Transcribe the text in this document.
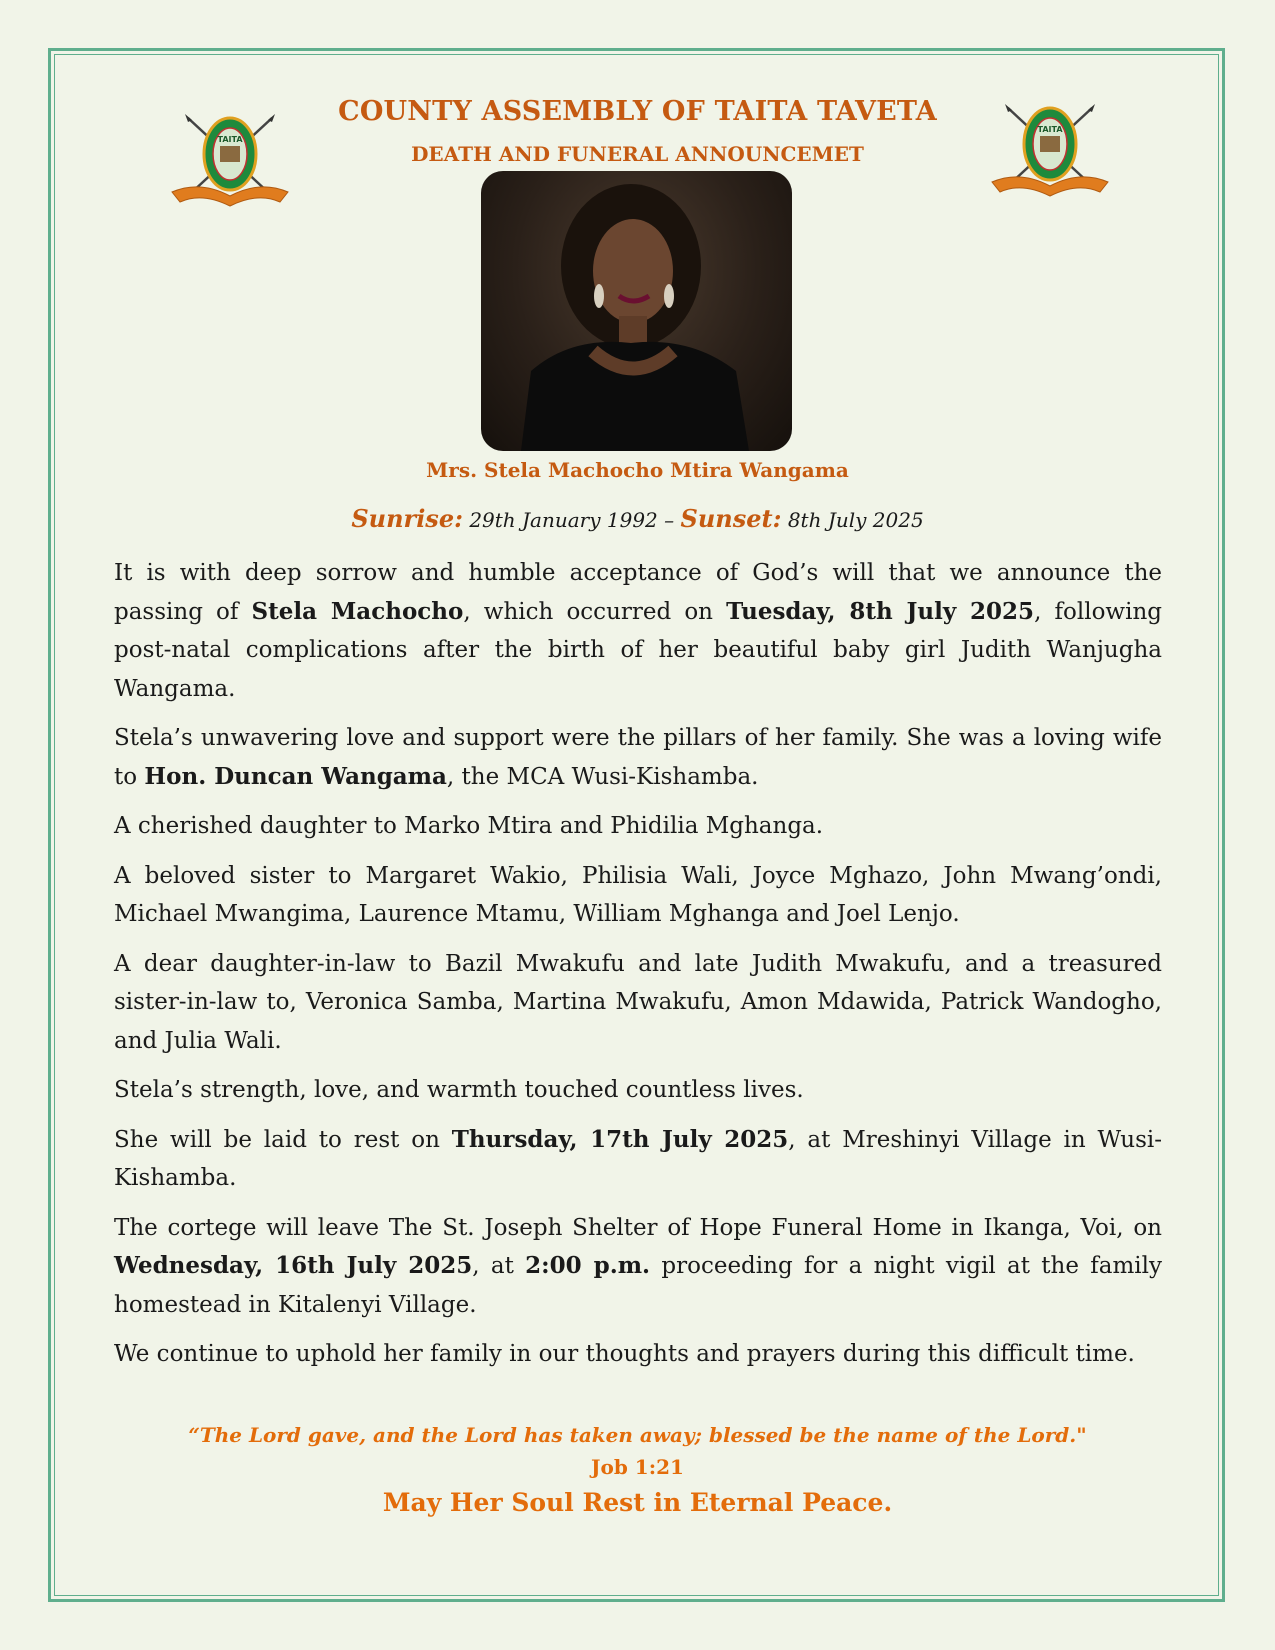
TAITA
TAITA
COUNTY ASSEMBLY OF TAITA TAVETA
DEATH AND FUNERAL ANNOUNCEMET
Mrs. Stela Machocho Mtira Wangama
Sunrise: 29th January 1992 – Sunset: 8th July 2025

It is with deep sorrow and humble acceptance of God’s will that we announce the passing of Stela Machocho, which occurred on Tuesday, 8th July 2025, following post-natal complications after the birth of her beautiful baby girl Judith Wanjugha Wangama.

Stela’s unwavering love and support were the pillars of her family. She was a loving wife to Hon. Duncan Wangama, the MCA Wusi-Kishamba.

A cherished daughter to Marko Mtira and Phidilia Mghanga.

A beloved sister to Margaret Wakio, Philisia Wali, Joyce Mghazo, John Mwang’ondi, Michael Mwangima, Laurence Mtamu, William Mghanga and Joel Lenjo.

A dear daughter-in-law to Bazil Mwakufu and late Judith Mwakufu, and a treasured sister-in-law to, Veronica Samba, Martina Mwakufu, Amon Mdawida, Patrick Wandogho, and Julia Wali.

Stela’s strength, love, and warmth touched countless lives.

She will be laid to rest on Thursday, 17th July 2025, at Mreshinyi Village in Wusi-Kishamba.

The cortege will leave The St. Joseph Shelter of Hope Funeral Home in Ikanga, Voi, on Wednesday, 16th July 2025, at 2:00 p.m. proceeding for a night vigil at the family homestead in Kitalenyi Village.

We continue to uphold her family in our thoughts and prayers during this difficult time.

“The Lord gave, and the Lord has taken away; blessed be the name of the Lord."
Job 1:21
May Her Soul Rest in Eternal Peace.
